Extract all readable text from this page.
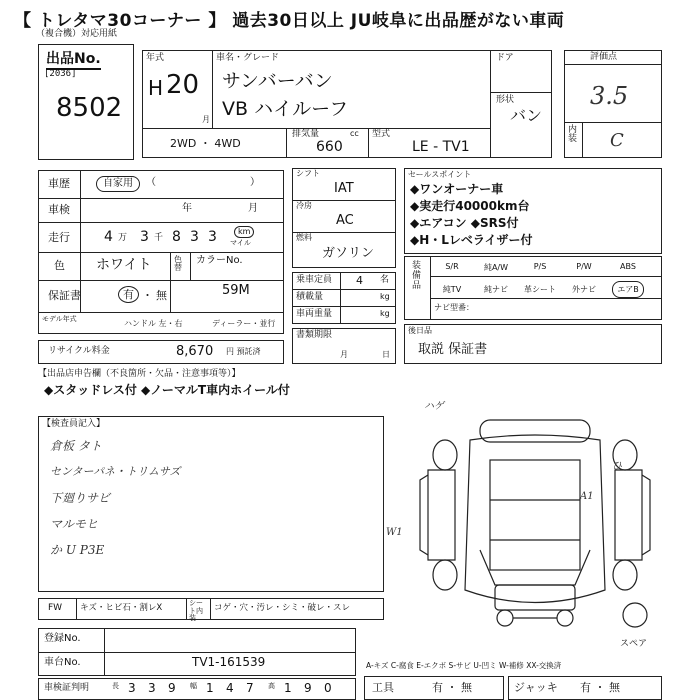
【 トレタマ30コーナー 】 過去30日以上 JU岐阜に出品歴がない車両
（複合機）対応用紙
出品No.
[2036]
8502
年式
H 20
月
車名・グレード
サンバーバン
VB ハイルーフ
2WD ・ 4WD
排気量	cc
660
型式
LE - TV1
ドア
形状
バン
評価点
3.5
内装 C
車歴	自家用	（	）
車検	年	月
走行 4 万 3 千 8 3 3	km
マイル
色 ホワイト	色替
カラーNo.
59M
保証書	有 ・ 無
モデル年式	ハンドル 左・右	ディーラー・並行
リサイクル料金	8,670 円 預託済
シフト
IAT
冷房
AC
燃料
ガソリン
乗車定員 4 名
積載量	kg
車両重量	kg
書類期限
月	日
セールスポイント
◆ワンオーナー車
◆実走行40000km台
◆エアコン ◆SRS付
◆H・Lレベライザー付
装備品
S/R	純A/W	P/S	P/W	ABS
純TV	純ナビ	革シート	外ナビ	エアB
ナビ型番：
後日品
取説 保証書
【出品店申告欄（不良箇所・欠品・注意事項等）】
◆スタッドレス付 ◆ノーマルT車内ホイール付
【検査員記入】
倉板 タト
センターパネ・トリムサズ
下廻りサビ
マルモヒ
か U P3E
ハゲ
W1
A1
ひ
スペア
FW キズ・ヒビ石・割レX	シート内装
コゲ・穴・汚レ・シミ・破レ・スレ
登録No.
車台No.	TV1-161539
車検証判明	長 3 3 9 幅 1 4 7 高 1 9 0
A-キズ C-腐食 E-エクボ S-サビ U-凹ミ W-補修 XX-交換済
工具	有 ・ 無	ジャッキ 有 ・ 無
